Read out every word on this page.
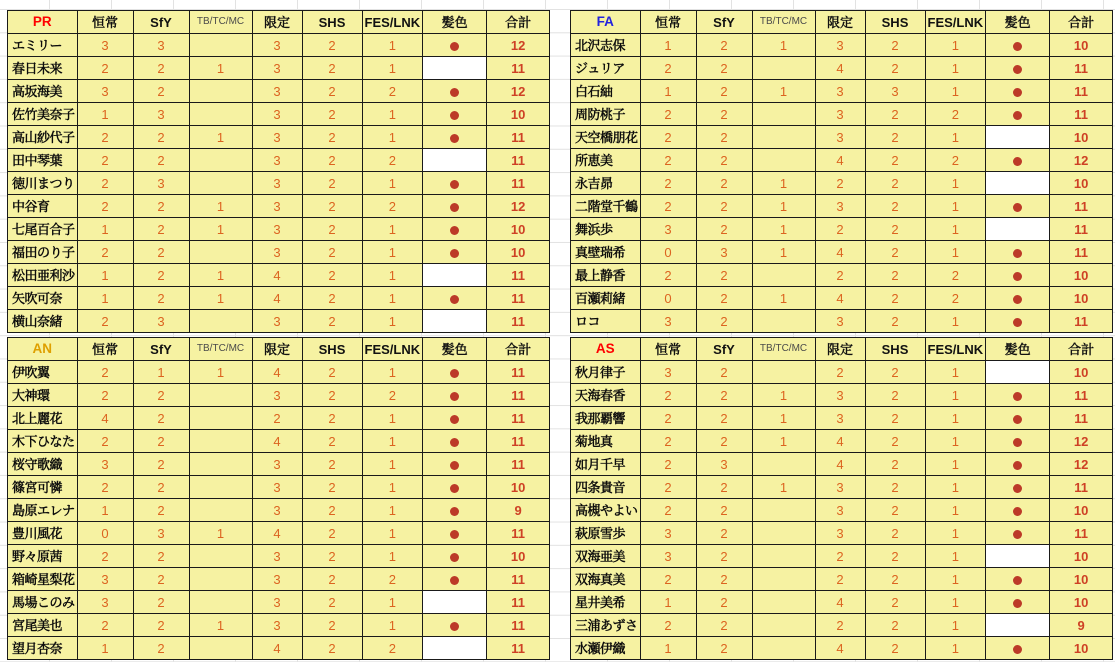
PR	恒常	SfY	TB/TC/MC	限定	SHS	FES/LNK	髪色	合計
エミリー	3	3		3	2	1		12
春日未来	2	2	1	3	2	1		11
高坂海美	3	2		3	2	2		12
佐竹美奈子	1	3		3	2	1		10
高山紗代子	2	2	1	3	2	1		11
田中琴葉	2	2		3	2	2		11
徳川まつり	2	3		3	2	1		11
中谷育	2	2	1	3	2	2		12
七尾百合子	1	2	1	3	2	1		10
福田のり子	2	2		3	2	1		10
松田亜利沙	1	2	1	4	2	1		11
矢吹可奈	1	2	1	4	2	1		11
横山奈緒	2	3		3	2	1		11
FA	恒常	SfY	TB/TC/MC	限定	SHS	FES/LNK	髪色	合計
北沢志保	1	2	1	3	2	1		10
ジュリア	2	2		4	2	1		11
白石紬	1	2	1	3	3	1		11
周防桃子	2	2		3	2	2		11
天空橋朋花	2	2		3	2	1		10
所恵美	2	2		4	2	2		12
永吉昴	2	2	1	2	2	1		10
二階堂千鶴	2	2	1	3	2	1		11
舞浜歩	3	2	1	2	2	1		11
真壁瑞希	0	3	1	4	2	1		11
最上静香	2	2		2	2	2		10
百瀬莉緒	0	2	1	4	2	2		10
ロコ	3	2		3	2	1		11
AN	恒常	SfY	TB/TC/MC	限定	SHS	FES/LNK	髪色	合計
伊吹翼	2	1	1	4	2	1		11
大神環	2	2		3	2	2		11
北上麗花	4	2		2	2	1		11
木下ひなた	2	2		4	2	1		11
桜守歌織	3	2		3	2	1		11
篠宮可憐	2	2		3	2	1		10
島原エレナ	1	2		3	2	1		9
豊川風花	0	3	1	4	2	1		11
野々原茜	2	2		3	2	1		10
箱崎星梨花	3	2		3	2	2		11
馬場このみ	3	2		3	2	1		11
宮尾美也	2	2	1	3	2	1		11
望月杏奈	1	2		4	2	2		11
AS	恒常	SfY	TB/TC/MC	限定	SHS	FES/LNK	髪色	合計
秋月律子	3	2		2	2	1		10
天海春香	2	2	1	3	2	1		11
我那覇響	2	2	1	3	2	1		11
菊地真	2	2	1	4	2	1		12
如月千早	2	3		4	2	1		12
四条貴音	2	2	1	3	2	1		11
高槻やよい	2	2		3	2	1		10
萩原雪歩	3	2		3	2	1		11
双海亜美	3	2		2	2	1		10
双海真美	2	2		2	2	1		10
星井美希	1	2		4	2	1		10
三浦あずさ	2	2		2	2	1		9
水瀬伊織	1	2		4	2	1		10
